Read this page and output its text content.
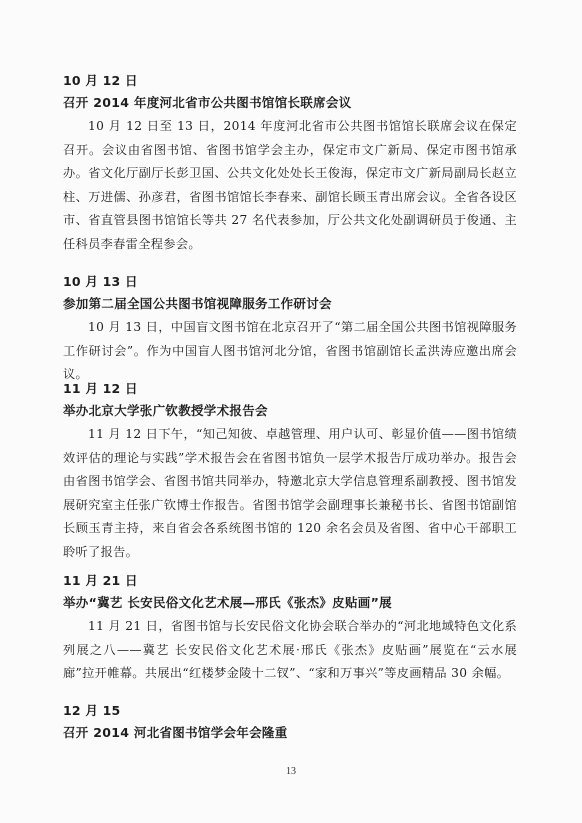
10 月 12 日

召开 2014 年度河北省市公共图书馆馆长联席会议

10 月 12 日至 13 日，2014 年度河北省市公共图书馆馆长联席会议在保定召开。会议由省图书馆、省图书馆学会主办，保定市文广新局、保定市图书馆承办。省文化厅副厅长彭卫国、公共文化处处长王俊海，保定市文广新局副局长赵立柱、万进儒、孙彦君，省图书馆馆长李春来、副馆长顾玉青出席会议。全省各设区市、省直管县图书馆馆长等共 27 名代表参加，厅公共文化处副调研员于俊通、主任科员李春雷全程参会。

10 月 13 日

参加第二届全国公共图书馆视障服务工作研讨会

10 月 13 日，中国盲文图书馆在北京召开了“第二届全国公共图书馆视障服务工作研讨会”。作为中国盲人图书馆河北分馆，省图书馆副馆长孟洪涛应邀出席会议。

11 月 12 日

举办北京大学张广钦教授学术报告会

11 月 12 日下午，“知己知彼、卓越管理、用户认可、彰显价值——图书馆绩效评估的理论与实践”学术报告会在省图书馆负一层学术报告厅成功举办。报告会由省图书馆学会、省图书馆共同举办，特邀北京大学信息管理系副教授、图书馆发展研究室主任张广钦博士作报告。省图书馆学会副理事长兼秘书长、省图书馆副馆长顾玉青主持，来自省会各系统图书馆的 120 余名会员及省图、省中心干部职工聆听了报告。

11 月 21 日

举办“冀艺 长安民俗文化艺术展—邢氏《张杰》皮贴画”展

11 月 21 日，省图书馆与长安民俗文化协会联合举办的“河北地域特色文化系列展之八——冀艺 长安民俗文化艺术展·邢氏《张杰》皮贴画”展览在“云水展廊”拉开帷幕。共展出“红楼梦金陵十二钗”、“家和万事兴”等皮画精品 30 余幅。

12 月 15

召开 2014 河北省图书馆学会年会隆重

13
